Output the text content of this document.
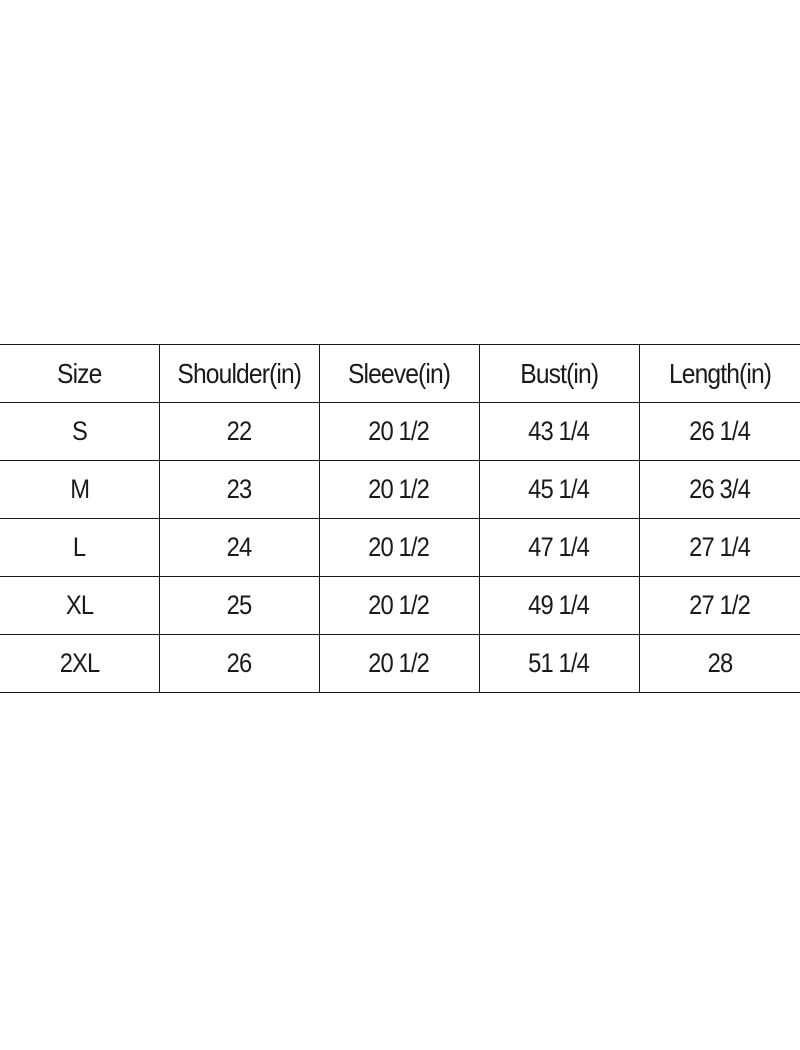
Size	Shoulder(in)	Sleeve(in)	Bust(in)	Length(in)
S	22	20 1/2	43 1/4	26 1/4
M	23	20 1/2	45 1/4	26 3/4
L	24	20 1/2	47 1/4	27 1/4
XL	25	20 1/2	49 1/4	27 1/2
2XL	26	20 1/2	51 1/4	28
